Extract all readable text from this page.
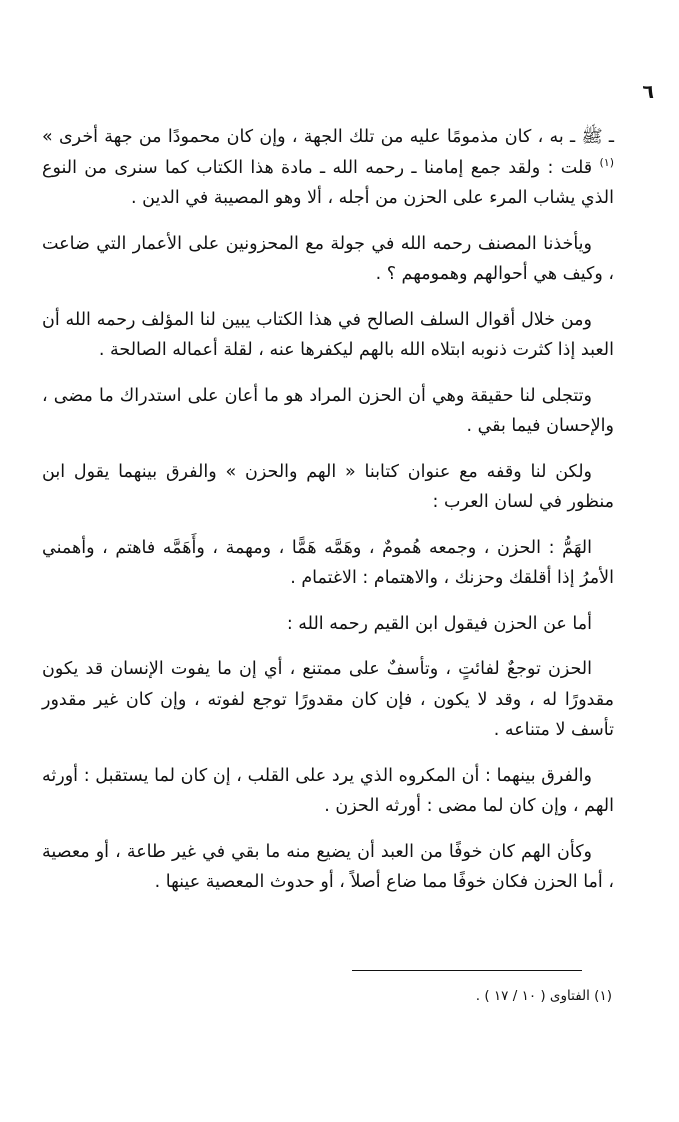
٦

ـ ﷺ ـ به ، كان مذمومًا عليه من تلك الجهة ، وإن كان محمودًا من جهة أخرى » $^{(١)}$ قلت : ولقد جمع إمامنا ـ رحمه الله ـ مادة هذا الكتاب كما سنرى من النوع الذي يشاب المرء على الحزن من أجله ، ألا وهو المصيبة في الدين .

ويأخذنا المصنف رحمه الله في جولة مع المحزونين على الأعمار التي ضاعت ، وكيف هي أحوالهم وهمومهم ؟ .

ومن خلال أقوال السلف الصالح في هذا الكتاب يبين لنا المؤلف رحمه الله أن العبد إذا كثرت ذنوبه ابتلاه الله بالهم ليكفرها عنه ، لقلة أعماله الصالحة .

وتتجلى لنا حقيقة وهي أن الحزن المراد هو ما أعان على استدراك ما مضى ، والإحسان فيما بقي .

ولكن لنا وقفه مع عنوان كتابنا « الهم والحزن » والفرق بينهما يقول ابن منظور في لسان العرب :

الهَمُّ : الحزن ، وجمعه هُمومٌ ، وهَمَّه هَمًّا ، ومهمة ، وأَهَمَّه فاهتم ، وأهمني الأمرُ إذا أقلقك وحزنك ، والاهتمام : الاغتمام .

أما عن الحزن فيقول ابن القيم رحمه الله :

الحزن توجعٌ لفائتٍ ، وتأسفٌ على ممتنع ، أي إن ما يفوت الإنسان قد يكون مقدورًا له ، وقد لا يكون ، فإن كان مقدورًا توجع لفوته ، وإن كان غير مقدور تأسف لا متناعه .

والفرق بينهما : أن المكروه الذي يرد على القلب ، إن كان لما يستقبل : أورثه الهم ، وإن كان لما مضى : أورثه الحزن .

وكأن الهم كان خوفًا من العبد أن يضيع منه ما بقي في غير طاعة ، أو معصية ، أما الحزن فكان خوفًا مما ضاع أصلاً ، أو حدوث المعصية عينها .

(١) الفتاوى ( ١٠ / ١٧ ) .
